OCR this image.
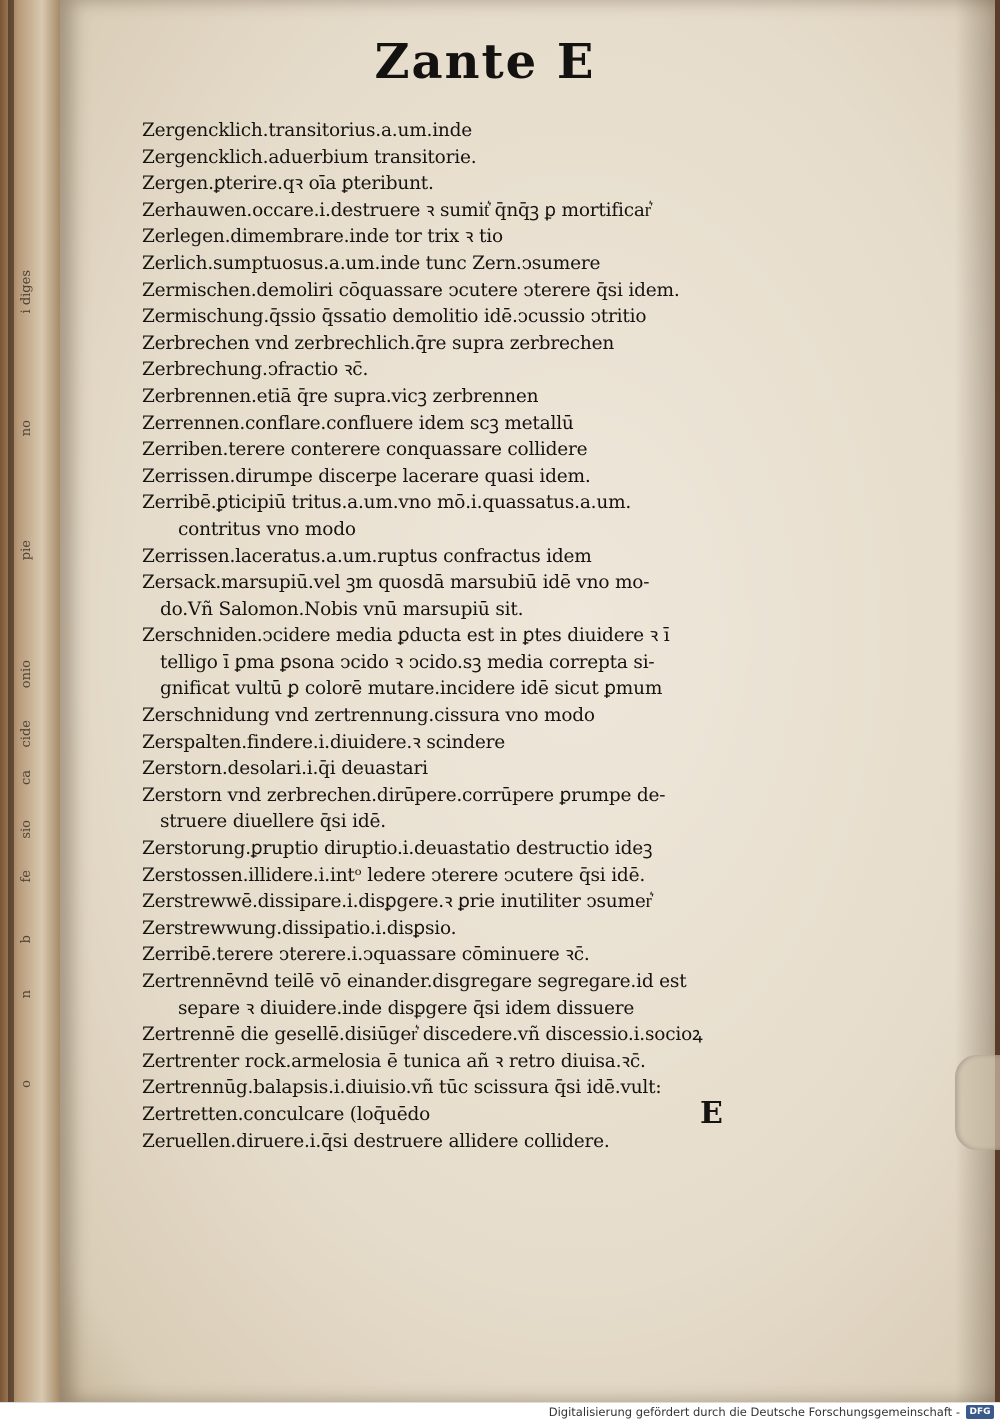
i diges
no
pie
onio
cide
ca
sio
fe
b
n
o
Zante E
Zergencklich.transitorius.a.um.inde
Zergencklich.aduerbium transitorie.
Zergen.ꝑterire.qꝛ oīa ꝑteribunt.
Zerhauwen.occare.i.destruere ꝛ sumit͛ q̄nq̄ꝫ ꝑ mortificar͛
Zerlegen.dimembrare.inde tor trix ꝛ tio
Zerlich.sumptuosus.a.um.inde tunc Zern.ↄsumere
Zermischen.demoliri cōquassare ↄcutere ↄterere q̄si idem.
Zermischung.q̄ssio q̄ssatio demolitio idē.ↄcussio ↄtritio
Zerbrechen vnd zerbrechlich.q̄re supra zerbrechen
Zerbrechung.ↄfractio ꝛc̄.
Zerbrennen.etiā q̄re supra.vicꝫ zerbrennen
Zerrennen.conflare.confluere idem scꝫ metallū
Zerriben.terere conterere conquassare collidere
Zerrissen.dirumpe discerpe lacerare quasi idem.
Zerribē.ꝑticipiū tritus.a.um.vno mō.i.quassatus.a.um.
contritus vno modo
Zerrissen.laceratus.a.um.ruptus confractus idem
Zersack.marsupiū.vel ꝫm quosdā marsubiū idē vno mo-
do.Vñ Salomon.Nobis vnū marsupiū sit.
Zerschniden.ↄcidere media ꝑducta est in ꝑtes diuidere ꝛ ī
telligo ī ꝑma ꝑsona ↄcido ꝛ ↄcido.sꝫ media correpta si-
gnificat vultū ꝑ colorē mutare.incidere idē sicut ꝑmum
Zerschnidung vnd zertrennung.cissura vno modo
Zerspalten.findere.i.diuidere.ꝛ scindere
Zerstorn.desolari.i.q̄i deuastari
Zerstorn vnd zerbrechen.dirūpere.corrūpere ꝑrumpe de-
struere diuellere q̄si idē.
Zerstorung.ꝑruptio diruptio.i.deuastatio destructio ideꝫ
Zerstossen.illidere.i.intᵒ ledere ↄterere ↄcutere q̄si idē.
Zerstrewwē.dissipare.i.disꝑgere.ꝛ ꝑrie inutiliter ↄsumer͛
Zerstrewwung.dissipatio.i.disꝑsio.
Zerribē.terere ↄterere.i.ↄquassare cōminuere ꝛc̄.
Zertrennēvnd teilē vō einander.disgregare segregare.id est
separe ꝛ diuidere.inde disꝑgere q̄si idem dissuere
Zertrennē die gesellē.disiūger͛ discedere.vñ discessio.i.socioꝝ
Zertrenter rock.armelosia ē tunica añ ꝛ retro diuisa.ꝛc̄.
Zertrennūg.balapsis.i.diuisio.vñ tūc scissura q̄si idē.vult:
Zertretten.conculcare (loq̄uēdo
Zeruellen.diruere.i.q̄si destruere allidere collidere.
E
Digitalisierung gefördert durch die Deutsche Forschungsgemeinschaft -	DFG
